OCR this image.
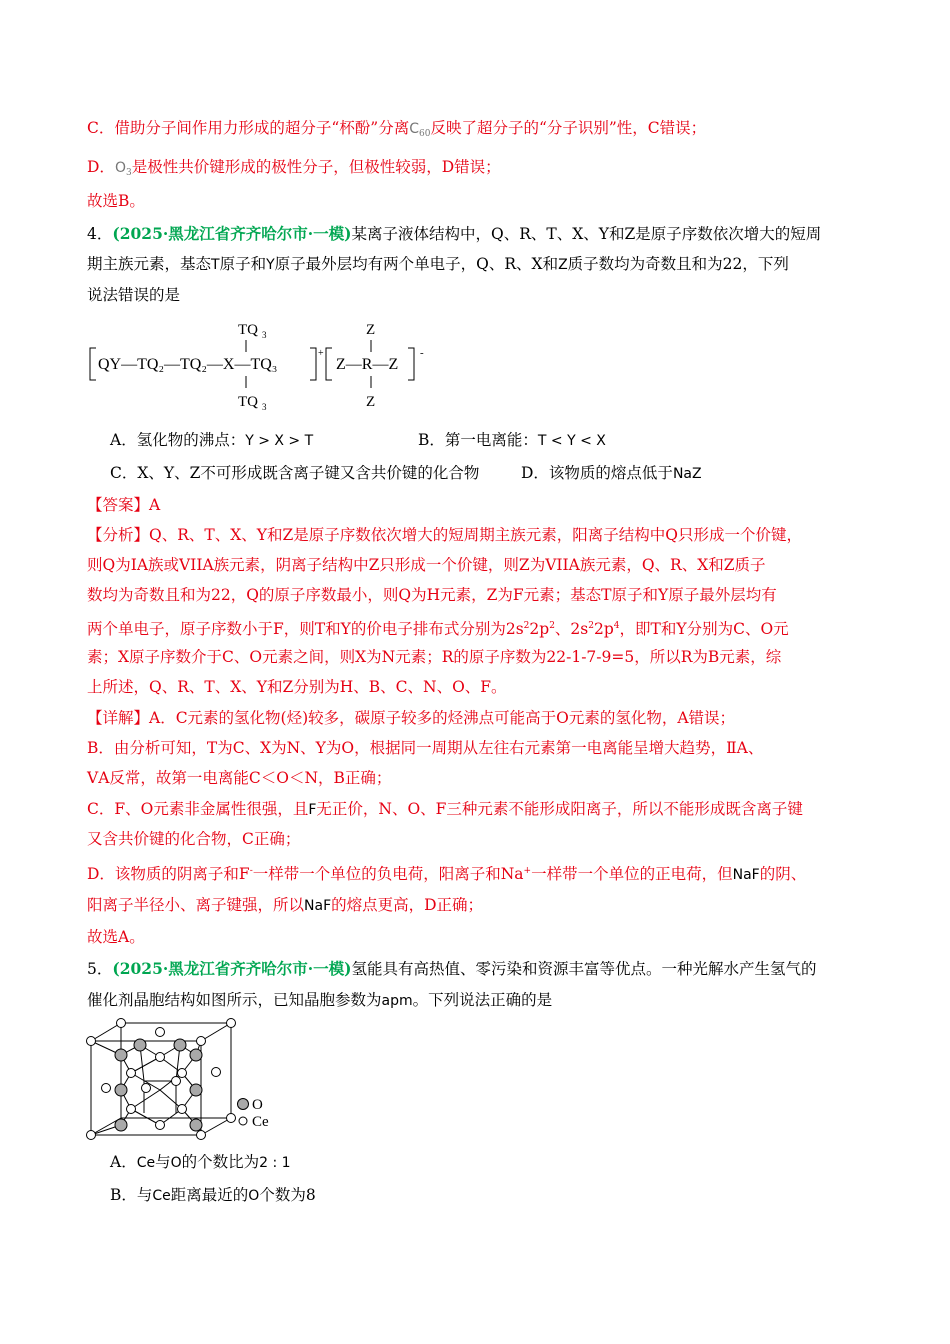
C．借助分子间作用力形成的超分子“杯酚”分离$C_{60}$反映了超分子的“分子识别”性，C错误；
D．$O_3$是极性共价键形成的极性分子，但极性较弱，D错误；
故选B。
4．(2025·黑龙江省齐齐哈尔市·一模)某离子液体结构中，Q、R、T、X、Y和Z是原子序数依次增大的短周
期主族元素，基态T原子和Y原子最外层均有两个单电子，Q、R、X和Z质子数均为奇数且和为22，下列
说法错误的是
QY—TQ₂—TQ₂—X—TQ₃
+
TQ 3
TQ 3
Z—R—Z
-
Z
Z
A．氢化物的沸点：Y > X > T	B．第一电离能：T < Y < X
C．X、Y、Z不可形成既含离子键又含共价键的化合物	D．该物质的熔点低于NaZ
【答案】A
【分析】Q、R、T、X、Y和Z是原子序数依次增大的短周期主族元素，阳离子结构中Q只形成一个价键，
则Q为IA族或VIIA族元素，阴离子结构中Z只形成一个价键，则Z为VIIA族元素，Q、R、X和Z质子
数均为奇数且和为22，Q的原子序数最小，则Q为H元素，Z为F元素；基态T原子和Y原子最外层均有
两个单电子，原子序数小于F，则T和Y的价电子排布式分别为$2s^22p^2$、$2s^22p^4$，即T和Y分别为C、O元
素；X原子序数介于C、O元素之间，则X为N元素；R的原子序数为22-1-7-9=5，所以R为B元素，综
上所述，Q、R、T、X、Y和Z分别为H、B、C、N、O、F。
【详解】A．C元素的氢化物(烃)较多，碳原子较多的烃沸点可能高于O元素的氢化物，A错误；
B．由分析可知，T为C、X为N、Y为O，根据同一周期从左往右元素第一电离能呈增大趋势，ⅡA、
ⅤA反常，故第一电离能C＜O＜N，B正确；
C．F、O元素非金属性很强，且F无正价，N、O、F三种元素不能形成阳离子，所以不能形成既含离子键
又含共价键的化合物，C正确；
D．该物质的阴离子和F-一样带一个单位的负电荷，阳离子和Na+一样带一个单位的正电荷，但NaF的阴、
阳离子半径小、离子键强，所以NaF的熔点更高，D正确；
故选A。
5．(2025·黑龙江省齐齐哈尔市·一模)氢能具有高热值、零污染和资源丰富等优点。一种光解水产生氢气的
催化剂晶胞结构如图所示，已知晶胞参数为apm。下列说法正确的是
O
Ce
A．Ce与O的个数比为2 : 1
B．与Ce距离最近的O个数为8
